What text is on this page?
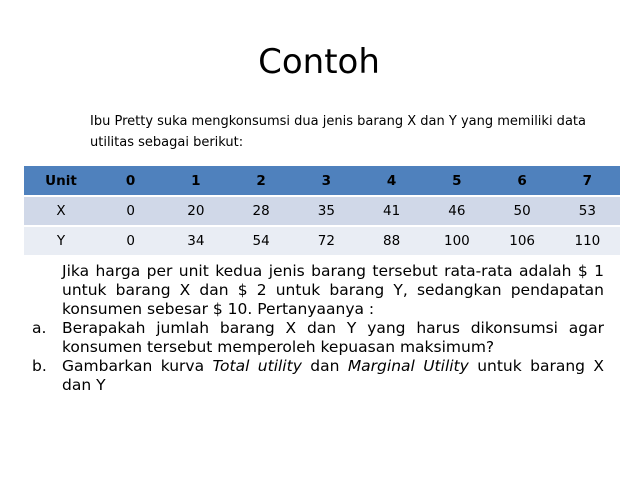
Contoh
Ibu Pretty suka mengkonsumsi dua jenis barang X dan Y yang memiliki data utilitas sebagai berikut:
Unit	0	1	2	3	4	5	6	7
X	0	20	28	35	41	46	50	53
Y	0	34	54	72	88	100	106	110
Jika harga per unit kedua jenis barang tersebut rata-rata adalah $ 1 untuk barang X dan $ 2 untuk barang Y, sedangkan pendapatan konsumen sebesar $ 10. Pertanyaanya :
a. Berapakah jumlah barang X dan Y yang harus dikonsumsi agar konsumen tersebut memperoleh kepuasan maksimum?
b. Gambarkan kurva Total utility dan Marginal Utility untuk barang X dan Y
